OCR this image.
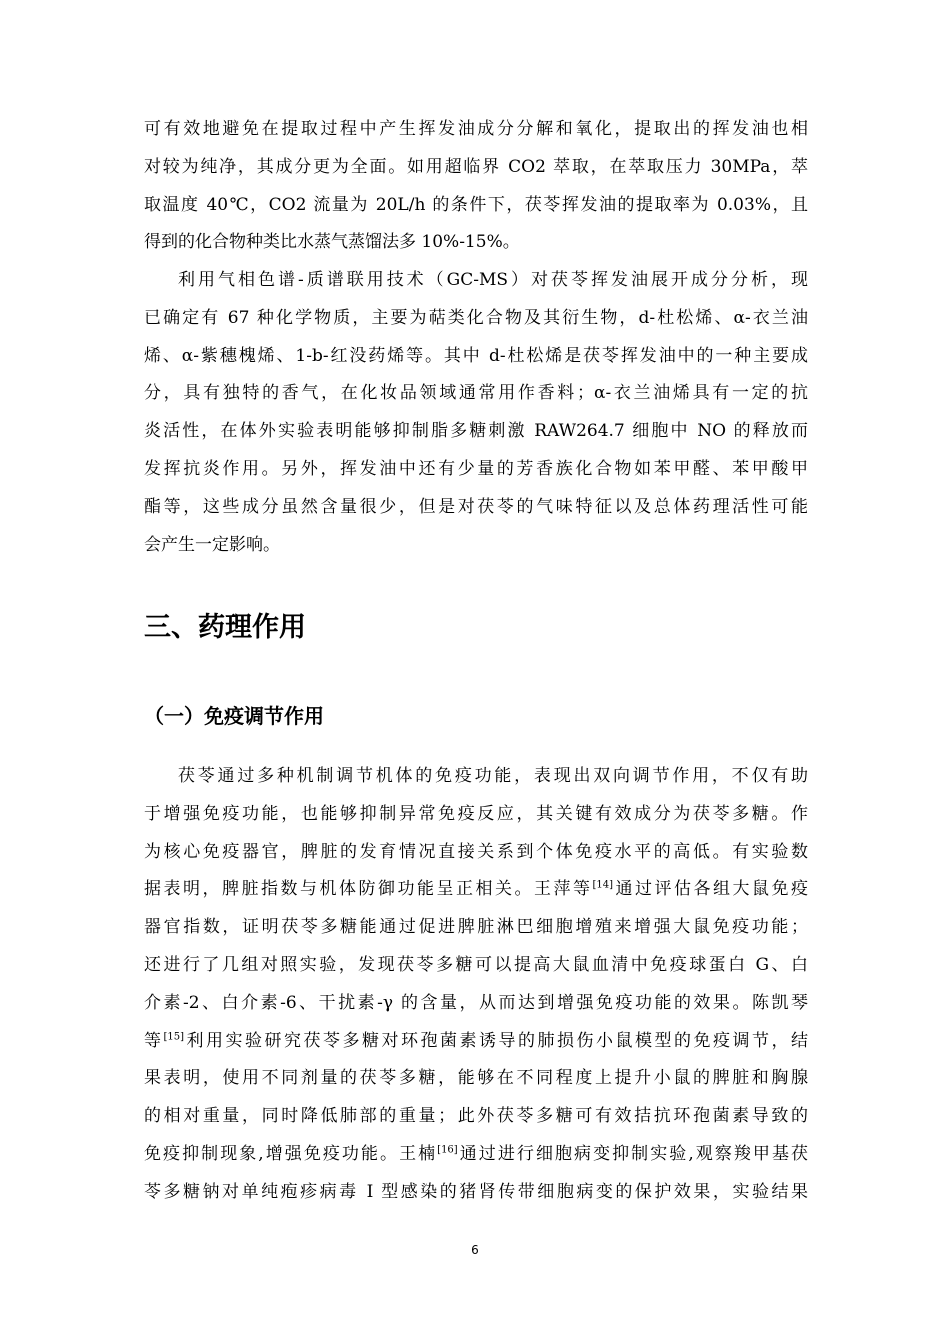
可有效地避免在提取过程中产生挥发油成分分解和氧化，提取出的挥发油也相
对较为纯净，其成分更为全面。如用超临界 CO2 萃取，在萃取压力 30MPa，萃
取温度 40℃，CO2 流量为 20L/h 的条件下，茯苓挥发油的提取率为 0.03%，且
得到的化合物种类比水蒸气蒸馏法多 10%-15%。
利用气相色谱-质谱联用技术（GC-MS）对茯苓挥发油展开成分分析，现
已确定有 67 种化学物质，主要为萜类化合物及其衍生物，d-杜松烯、α-衣兰油
烯、α-紫穗槐烯、1-b-红没药烯等。其中 d-杜松烯是茯苓挥发油中的一种主要成
分，具有独特的香气，在化妆品领域通常用作香料；α-衣兰油烯具有一定的抗
炎活性，在体外实验表明能够抑制脂多糖刺激 RAW264.7 细胞中 NO 的释放而
发挥抗炎作用。另外，挥发油中还有少量的芳香族化合物如苯甲醛、苯甲酸甲
酯等，这些成分虽然含量很少，但是对茯苓的气味特征以及总体药理活性可能
会产生一定影响。
三、药理作用
（一）免疫调节作用
茯苓通过多种机制调节机体的免疫功能，表现出双向调节作用，不仅有助
于增强免疫功能，也能够抑制异常免疫反应，其关键有效成分为茯苓多糖。作
为核心免疫器官，脾脏的发育情况直接关系到个体免疫水平的高低。有实验数
据表明，脾脏指数与机体防御功能呈正相关。王萍等[14]通过评估各组大鼠免疫
器官指数，证明茯苓多糖能通过促进脾脏淋巴细胞增殖来增强大鼠免疫功能；
还进行了几组对照实验，发现茯苓多糖可以提高大鼠血清中免疫球蛋白 G、白
介素-2、白介素-6、干扰素-γ 的含量，从而达到增强免疫功能的效果。陈凯琴
等[15]利用实验研究茯苓多糖对环孢菌素诱导的肺损伤小鼠模型的免疫调节，结
果表明，使用不同剂量的茯苓多糖，能够在不同程度上提升小鼠的脾脏和胸腺
的相对重量，同时降低肺部的重量；此外茯苓多糖可有效拮抗环孢菌素导致的
免疫抑制现象,增强免疫功能。王楠[16]通过进行细胞病变抑制实验,观察羧甲基茯
苓多糖钠对单纯疱疹病毒 I 型感染的猪肾传带细胞病变的保护效果，实验结果
6
